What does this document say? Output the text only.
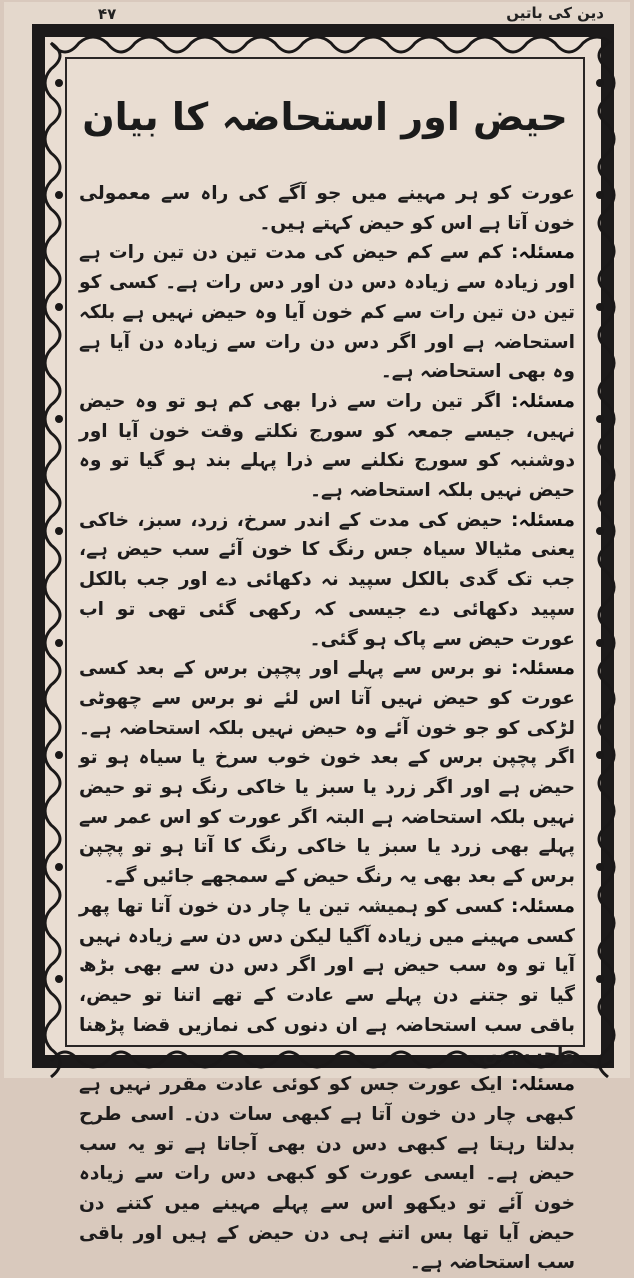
۴۷	دین کی باتیں
حیض اور استحاضہ کا بیان

عورت کو ہر مہینے میں جو آگے کی راہ سے معمولی خون آتا ہے اس کو حیض کہتے ہیں۔

مسئلہ: کم سے کم حیض کی مدت تین دن تین رات ہے اور زیادہ سے زیادہ دس دن اور دس رات ہے۔ کسی کو تین دن تین رات سے کم خون آیا وہ حیض نہیں ہے بلکہ استحاضہ ہے اور اگر دس دن رات سے زیادہ دن آیا ہے وہ بھی استحاضہ ہے۔

مسئلہ: اگر تین رات سے ذرا بھی کم ہو تو وہ حیض نہیں، جیسے جمعہ کو سورج نکلتے وقت خون آیا اور دوشنبہ کو سورج نکلنے سے ذرا پہلے بند ہو گیا تو وہ حیض نہیں بلکہ استحاضہ ہے۔

مسئلہ: حیض کی مدت کے اندر سرخ، زرد، سبز، خاکی یعنی مٹیالا سیاہ جس رنگ کا خون آئے سب حیض ہے، جب تک گدی بالکل سپید نہ دکھائی دے اور جب بالکل سپید دکھائی دے جیسی کہ رکھی گئی تھی تو اب عورت حیض سے پاک ہو گئی۔

مسئلہ: نو برس سے پہلے اور پچپن برس کے بعد کسی عورت کو حیض نہیں آتا اس لئے نو برس سے چھوٹی لڑکی کو جو خون آئے وہ حیض نہیں بلکہ استحاضہ ہے۔ اگر پچپن برس کے بعد خون خوب سرخ یا سیاہ ہو تو حیض ہے اور اگر زرد یا سبز یا خاکی رنگ ہو تو حیض نہیں بلکہ استحاضہ ہے البتہ اگر عورت کو اس عمر سے پہلے بھی زرد یا سبز یا خاکی رنگ کا آتا ہو تو پچپن برس کے بعد بھی یہ رنگ حیض کے سمجھے جائیں گے۔

مسئلہ: کسی کو ہمیشہ تین یا چار دن خون آتا تھا پھر کسی مہینے میں زیادہ آگیا لیکن دس دن سے زیادہ نہیں آیا تو وہ سب حیض ہے اور اگر دس دن سے بھی بڑھ گیا تو جتنے دن پہلے سے عادت کے تھے اتنا تو حیض، باقی سب استحاضہ ہے ان دنوں کی نمازیں قضا پڑھنا واجب ہیں۔

مسئلہ: ایک عورت جس کو کوئی عادت مقرر نہیں ہے کبھی چار دن خون آتا ہے کبھی سات دن۔ اسی طرح بدلتا رہتا ہے کبھی دس دن بھی آجاتا ہے تو یہ سب حیض ہے۔ ایسی عورت کو کبھی دس رات سے زیادہ خون آئے تو دیکھو اس سے پہلے مہینے میں کتنے دن حیض آیا تھا بس اتنے ہی دن حیض کے ہیں اور باقی سب استحاضہ ہے۔
